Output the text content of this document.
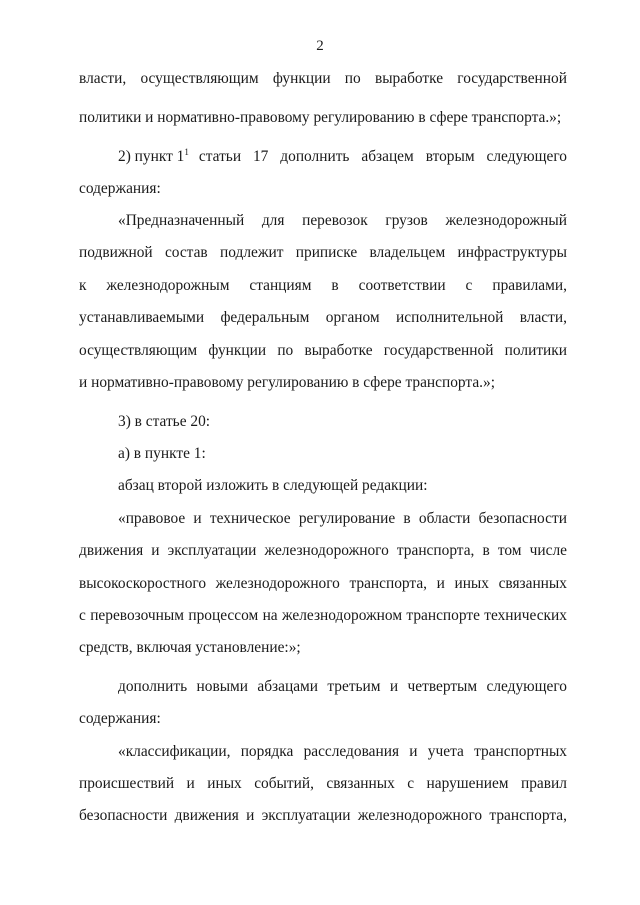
2
власти, осуществляющим функции по выработке государственной
политики и нормативно-правовому регулированию в сфере транспорта.»;
2) пункт $1^1$ статьи 17 дополнить абзацем вторым следующего
содержания:
«Предназначенный для перевозок грузов железнодорожный
подвижной состав подлежит приписке владельцем инфраструктуры
к железнодорожным станциям в соответствии с правилами,
устанавливаемыми федеральным органом исполнительной власти,
осуществляющим функции по выработке государственной политики
и нормативно-правовому регулированию в сфере транспорта.»;
3) в статье 20:
а) в пункте 1:
абзац второй изложить в следующей редакции:
«правовое и техническое регулирование в области безопасности
движения и эксплуатации железнодорожного транспорта, в том числе
высокоскоростного железнодорожного транспорта, и иных связанных
с перевозочным процессом на железнодорожном транспорте технических
средств, включая установление:»;
дополнить новыми абзацами третьим и четвертым следующего
содержания:
«классификации, порядка расследования и учета транспортных
происшествий и иных событий, связанных с нарушением правил
безопасности движения и эксплуатации железнодорожного транспорта,
